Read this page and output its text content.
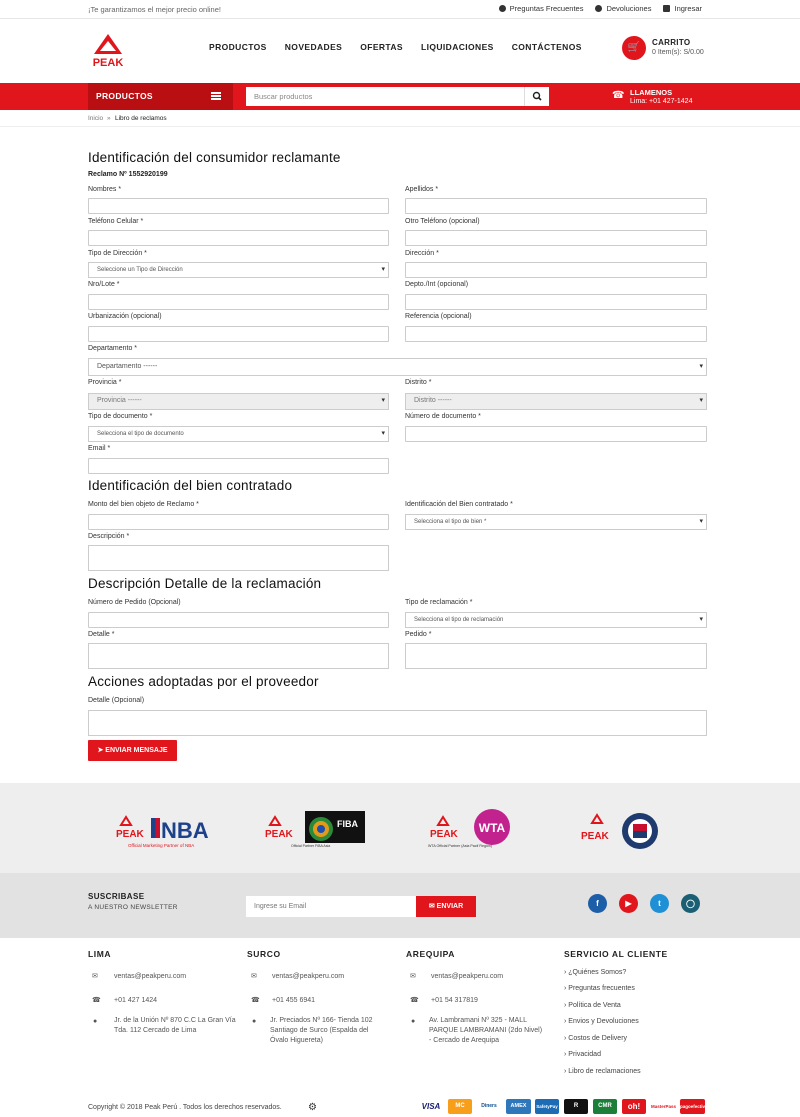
¡Te garantizamos el mejor precio online!	Preguntas Frecuentes	Devoluciones	Ingresar
PEAK
PRODUCTOS NOVEDADES OFERTAS LIQUIDACIONES CONTÁCTENOS	🛒	CARRITO
0 Item(s): S/0.00
PRODUCTOS	Buscar productos	☎ LLAMENOS
Lima: +01 427-1424
Inicio » Libro de reclamos
Identificación del consumidor reclamante
Reclamo Nº 1552920199
Nombres *	Apellidos *
Teléfono Celular *	Otro Teléfono (opcional)
Tipo de Dirección *
Seleccione un Tipo de Dirección ▾
Dirección *
Nro/Lote *	Depto./Int (opcional)
Urbanización (opcional)	Referencia (opcional)
Departamento *
Departamento ------ ▾
Provincia *
Provincia ------ ▾
Distrito *
Distrito ------ ▾
Tipo de documento *
Selecciona el tipo de documento ▾
Número de documento *
Email *
Identificación del bien contratado
Monto del bien objeto de Reclamo *	Identificación del Bien contratado *
Selecciona el tipo de bien * ▾
Descripción *
Descripción Detalle de la reclamación
Número de Pedido (Opcional)	Tipo de reclamación *
Selecciona el tipo de reclamación ▾
Detalle *	Pedido *
Acciones adoptadas por el proveedor
Detalle (Opcional)
➤ ENVIAR MENSAJE
PEAK NBA
Official Marketing Partner of NBA
PEAK
FIBA
Official Partner FIBA Asia
PEAK WTA
WTA Official Partner (Asia Pacif Region)
PEAK
SUSCRIBASE
A NUESTRO NEWSLETTER	Ingrese su Email	✉ ENVIAR	f	▶	t	◯
LIMA
✉ ventas@peakperu.com
☎ +01 427 1424
● Jr. de la Unión Nº 870 C.C La Gran Vía Tda. 112 Cercado de Lima
SURCO
✉ ventas@peakperu.com
☎ +01 455 6941
● Jr. Preciados Nº 166- Tienda 102 Santiago de Surco (Espalda del Óvalo Higuereta)
AREQUIPA
✉ ventas@peakperu.com
☎ +01 54 317819
● Av. Lambramani Nº 325 - MALL PARQUE LAMBRAMANI (2do Nivel) - Cercado de Arequipa
SERVICIO AL CLIENTE
› ¿Quiénes Somos?
› Preguntas frecuentes
› Política de Venta
› Envios y Devoluciones
› Costos de Delivery
› Privacidad
› Libro de reclamaciones
Copyright © 2018 Peak Perú . Todos los derechos reservados.	⚙	VISA	MC	Diners	AMEX	SafetyPay	R	CMR	oh!	MasterPass pagoefectivo
